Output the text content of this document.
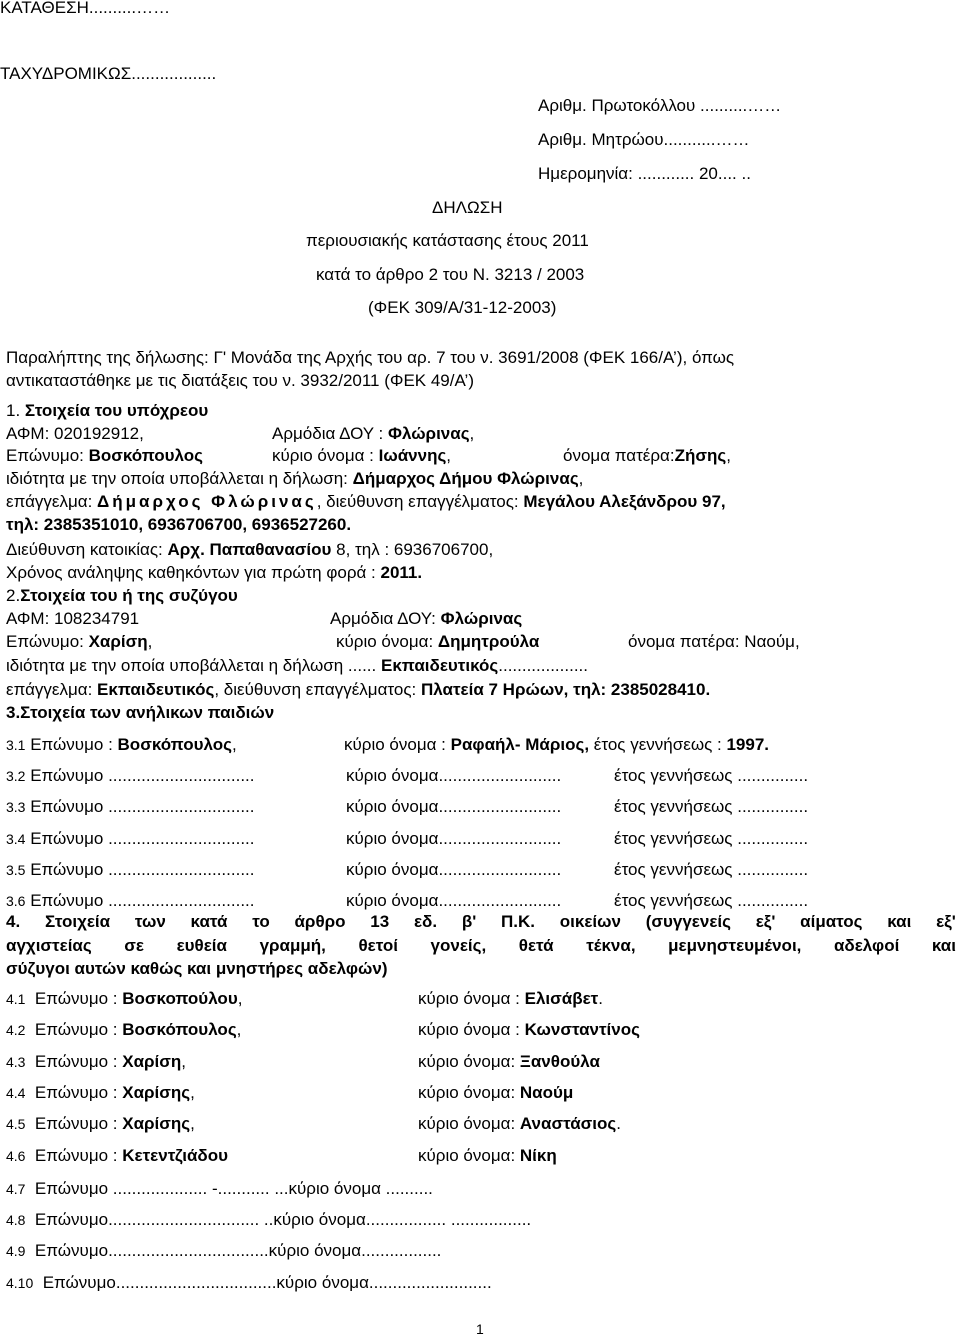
ΚΑΤΑΘΕΣΗ..........……
ΤΑΧΥΔΡΟΜΙΚΩΣ..................
Αριθμ. Πρωτοκόλλου ..........……
Αριθμ. Μητρώου...........……
Ημερομηνία: ............ 20.... ..
ΔΗΛΩΣΗ
περιουσιακής κατάστασης έτους 2011
κατά το άρθρο 2 του Ν. 3213 / 2003
(ΦΕΚ 309/Α/31-12-2003)
Παραλήπτης της δήλωσης: Γ' Μονάδα της Αρχής του αρ. 7 του ν. 3691/2008 (ΦΕΚ 166/Α’), όπως
αντικαταστάθηκε με τις διατάξεις του ν. 3932/2011 (ΦΕΚ 49/Α’)
1. Στοιχεία του υπόχρεου
ΑΦΜ: 020192912,	Αρμόδια ΔΟΥ : Φλώρινας,
Επώνυμο: Βοσκόπουλος	κύριο όνομα : Ιωάννης,	όνομα πατέρα:Ζήσης,
ιδιότητα με την οποία υποβάλλεται η δήλωση: Δήμαρχος Δήμου Φλώρινας,
επάγγελμα: Δήμαρχος Φλώρινας, διεύθυνση επαγγέλματος: Μεγάλου Αλεξάνδρου 97,
τηλ: 2385351010, 6936706700, 6936527260.
Διεύθυνση κατοικίας: Αρχ. Παπαθανασίου 8, τηλ : 6936706700,
Χρόνος ανάληψης καθηκόντων για πρώτη φορά : 2011.
2.Στοιχεία του ή της συζύγου
ΑΦΜ: 108234791	Αρμόδια ΔΟΥ: Φλώρινας
Επώνυμο: Χαρίση,	κύριο όνομα: Δημητρούλα	όνομα πατέρα: Ναούμ,
ιδιότητα με την οποία υποβάλλεται η δήλωση ...... Εκπαιδευτικός...................
επάγγελμα: Εκπαιδευτικός, διεύθυνση επαγγέλματος: Πλατεία 7 Ηρώων, τηλ: 2385028410.
3.Στοιχεία των ανήλικων παιδιών
3.1 Επώνυμο : Βοσκόπουλος,	κύριο όνομα : Ραφαήλ- Μάριος, έτος γεννήσεως : 1997.
3.2 Επώνυμο ...............................	κύριο όνομα..........................	έτος γεννήσεως ...............
3.3 Επώνυμο ...............................	κύριο όνομα..........................	έτος γεννήσεως ...............
3.4 Επώνυμο ...............................	κύριο όνομα..........................	έτος γεννήσεως ...............
3.5 Επώνυμο ...............................	κύριο όνομα..........................	έτος γεννήσεως ...............
3.6 Επώνυμο ...............................	κύριο όνομα..........................	έτος γεννήσεως ...............
4. Στοιχεία των κατά το άρθρο 13 εδ. β' Π.Κ. οικείων (συγγενείς εξ' αίματος και εξ'
αγχιστείας σε ευθεία γραμμή, θετοί γονείς, θετά τέκνα, μεμνηστευμένοι, αδελφοί και
σύζυγοι αυτών καθώς και μνηστήρες αδελφών)
4.1 Επώνυμο : Βοσκοπούλου,	κύριο όνομα : Ελισάβετ.
4.2 Επώνυμο : Βοσκόπουλος,	κύριο όνομα : Κωνσταντίνος
4.3 Επώνυμο : Χαρίση,	κύριο όνομα: Ξανθούλα
4.4 Επώνυμο : Χαρίσης,	κύριο όνομα: Ναούμ
4.5 Επώνυμο : Χαρίσης,	κύριο όνομα: Αναστάσιος.
4.6 Επώνυμο : Κετεντζιάδου	κύριο όνομα: Νίκη
4.7 Επώνυμο .................... -........... ...κύριο όνομα ..........
4.8 Επώνυμο................................ ..κύριο όνομα................. .................
4.9 Επώνυμο..................................κύριο όνομα.................
4.10 Επώνυμο..................................κύριο όνομα..........................
1
